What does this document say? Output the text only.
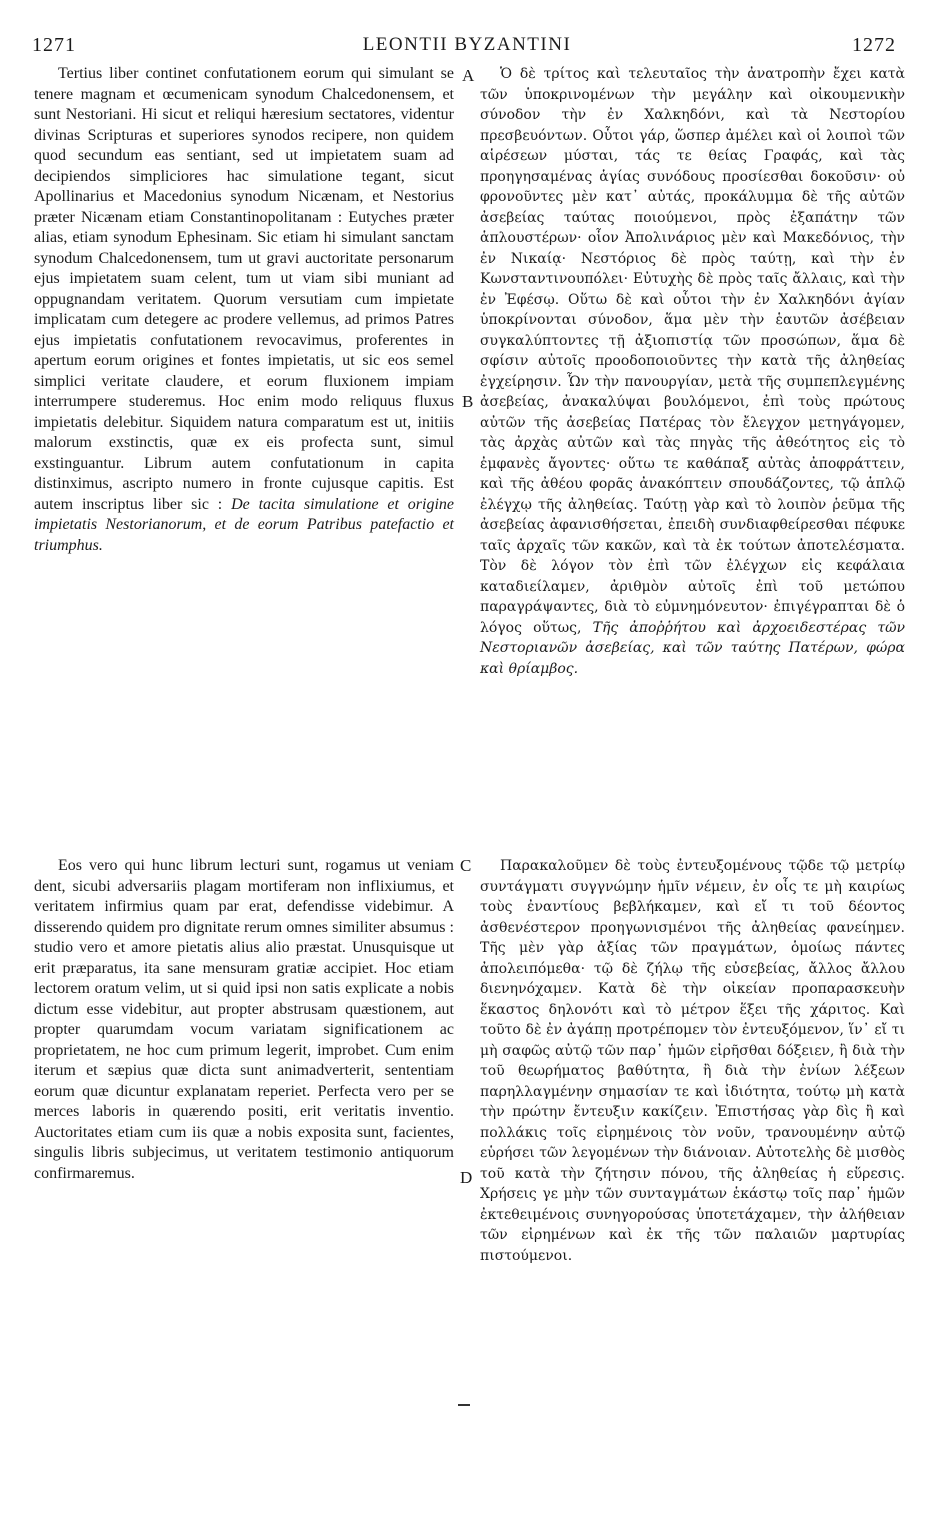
1271	LEONTII BYZANTINI	1272

Tertius liber continet confutationem eorum qui simulant se tenere magnam et œcumenicam synodum Chalcedonensem, et sunt Nestoriani. Hi sicut et reliqui hæresium sectatores, videntur divinas Scripturas et superiores synodos recipere, non quidem quod secundum eas sentiant, sed ut impietatem suam ad decipiendos simpliciores hac simulatione tegant, sicut Apollinarius et Macedonius synodum Nicænam, et Nestorius præter Nicænam etiam Constantinopolitanam : Eutyches præter alias, etiam synodum Ephesinam. Sic etiam hi simulant sanctam synodum Chalcedonensem, tum ut gravi auctoritate personarum ejus impietatem suam celent, tum ut viam sibi muniant ad oppugnandam veritatem. Quorum versutiam cum impietate implicatam cum detegere ac prodere vellemus, ad primos Patres ejus impietatis confutationem revocavimus, proferentes in apertum eorum origines et fontes impietatis, ut sic eos semel simplici veritate claudere, et eorum fluxionem impiam interrumpere studeremus. Hoc enim modo reliquus fluxus impietatis delebitur. Siquidem natura comparatum est ut, initiis malorum exstinctis, quæ ex eis profecta sunt, simul exstinguantur. Librum autem confutationum in capita distinximus, ascripto numero in fronte cujusque capitis. Est autem inscriptus liber sic : De tacita simulatione et origine impietatis Nestorianorum, et de eorum Patribus patefactio et triumphus.

Eos vero qui hunc librum lecturi sunt, rogamus ut veniam dent, sicubi adversariis plagam mortiferam non inflixiumus, et veritatem infirmius quam par erat, defendisse videbimur. A disserendo quidem pro dignitate rerum omnes similiter absumus : studio vero et amore pietatis alius alio præstat. Unusquisque ut erit præparatus, ita sane mensuram gratiæ accipiet. Hoc etiam lectorem oratum velim, ut si quid ipsi non satis explicate a nobis dictum esse videbitur, aut propter abstrusam quæstionem, aut propter quarumdam vocum variatam significationem ac proprietatem, ne hoc cum primum legerit, improbet. Cum enim iterum et sæpius quæ dicta sunt animadverterit, sententiam eorum quæ dicuntur explanatam reperiet. Perfecta vero per se merces laboris in quærendo positi, erit veritatis inventio. Auctoritates etiam cum iis quæ a nobis exposita sunt, facientes, singulis libris subjecimus, ut veritatem testimonio antiquorum confirmaremus.

Ὁ δὲ τρίτος καὶ τελευταῖος τὴν ἀνατροπὴν ἔχει κατὰ τῶν ὑποκρινομένων τὴν μεγάλην καὶ οἰκουμενικὴν σύνοδον τὴν ἐν Χαλκηδόνι, καὶ τὰ Νεστορίου πρεσβευόντων. Οὗτοι γάρ, ὥσπερ ἀμέλει καὶ οἱ λοιποὶ τῶν αἱρέσεων μύσται, τάς τε θείας Γραφάς, καὶ τὰς προηγησαμένας ἁγίας συνόδους προσίεσθαι δοκοῦσιν· οὐ φρονοῦντες μὲν κατ᾽ αὐτάς, προκάλυμμα δὲ τῆς αὐτῶν ἀσεβείας ταύτας ποιούμενοι, πρὸς ἐξαπάτην τῶν ἁπλουστέρων· οἷον Ἀπολινάριος μὲν καὶ Μακεδόνιος, τὴν ἐν Νικαίᾳ· Νεστόριος δὲ πρὸς ταύτῃ, καὶ τὴν ἐν Κωνσταντινουπόλει· Εὐτυχὴς δὲ πρὸς ταῖς ἄλλαις, καὶ τὴν ἐν Ἐφέσῳ. Οὕτω δὲ καὶ οὗτοι τὴν ἐν Χαλκηδόνι ἁγίαν ὑποκρίνονται σύνοδον, ἅμα μὲν τὴν ἑαυτῶν ἀσέβειαν συγκαλύπτοντες τῇ ἀξιοπιστίᾳ τῶν προσώπων, ἅμα δὲ σφίσιν αὐτοῖς προοδοποιοῦντες τὴν κατὰ τῆς ἀληθείας ἐγχείρησιν. Ὧν τὴν πανουργίαν, μετὰ τῆς συμπεπλεγμένης ἀσεβείας, ἀνακαλύψαι βουλόμενοι, ἐπὶ τοὺς πρώτους αὐτῶν τῆς ἀσεβείας Πατέρας τὸν ἔλεγχον μετηγάγομεν, τὰς ἀρχὰς αὐτῶν καὶ τὰς πηγὰς τῆς ἀθεότητος εἰς τὸ ἐμφανὲς ἄγοντες· οὕτω τε καθάπαξ αὐτὰς ἀποφράττειν, καὶ τῆς ἀθέου φορᾶς ἀνακόπτειν σπουδάζοντες, τῷ ἁπλῷ ἐλέγχῳ τῆς ἀληθείας. Ταύτῃ γὰρ καὶ τὸ λοιπὸν ῥεῦμα τῆς ἀσεβείας ἀφανισθήσεται, ἐπειδὴ συνδιαφθείρεσθαι πέφυκε ταῖς ἀρχαῖς τῶν κακῶν, καὶ τὰ ἐκ τούτων ἀποτελέσματα. Τὸν δὲ λόγον τὸν ἐπὶ τῶν ἐλέγχων εἰς κεφάλαια καταδιείλαμεν, ἀριθμὸν αὐτοῖς ἐπὶ τοῦ μετώπου παραγράψαντες, διὰ τὸ εὐμνημόνευτον· ἐπιγέγραπται δὲ ὁ λόγος οὕτως, Τῆς ἀποῤῥήτου καὶ ἀρχοειδεστέρας τῶν Νεστοριανῶν ἀσεβείας, καὶ τῶν ταύτης Πατέρων, φώρα καὶ θρίαμβος.

Παρακαλοῦμεν δὲ τοὺς ἐντευξομένους τῷδε τῷ μετρίῳ συντάγματι συγγνώμην ἡμῖν νέμειν, ἐν οἷς τε μὴ καιρίως τοὺς ἐναντίους βεβλήκαμεν, καὶ εἴ τι τοῦ δέοντος ἀσθενέστερον προηγωνισμένοι τῆς ἀληθείας φανείημεν. Τῆς μὲν γὰρ ἀξίας τῶν πραγμάτων, ὁμοίως πάντες ἀπολειπόμεθα· τῷ δὲ ζήλῳ τῆς εὐσεβείας, ἄλλος ἄλλου διενηνόχαμεν. Κατὰ δὲ τὴν οἰκείαν προπαρασκευὴν ἕκαστος δηλονότι καὶ τὸ μέτρον ἕξει τῆς χάριτος. Καὶ τοῦτο δὲ ἐν ἀγάπῃ προτρέπομεν τὸν ἐντευξόμενον, ἵν᾽ εἴ τι μὴ σαφῶς αὐτῷ τῶν παρ᾽ ἡμῶν εἰρῆσθαι δόξειεν, ἢ διὰ τὴν τοῦ θεωρήματος βαθύτητα, ἢ διὰ τὴν ἐνίων λέξεων παρηλλαγμένην σημασίαν τε καὶ ἰδιότητα, τούτῳ μὴ κατὰ τὴν πρώτην ἔντευξιν κακίζειν. Ἐπιστήσας γὰρ δὶς ἢ καὶ πολλάκις τοῖς εἰρημένοις τὸν νοῦν, τρανουμένην αὐτῷ εὑρήσει τῶν λεγομένων τὴν διάνοιαν. Αὐτοτελὴς δὲ μισθὸς τοῦ κατὰ τὴν ζήτησιν πόνου, τῆς ἀληθείας ἡ εὕρεσις. Χρήσεις γε μὴν τῶν συνταγμάτων ἑκάστῳ τοῖς παρ᾽ ἡμῶν ἐκτεθειμένοις συνηγορούσας ὑποτετάχαμεν, τὴν ἀλήθειαν τῶν εἰρημένων καὶ ἐκ τῆς τῶν παλαιῶν μαρτυρίας πιστούμενοι.

A
B
C
D
